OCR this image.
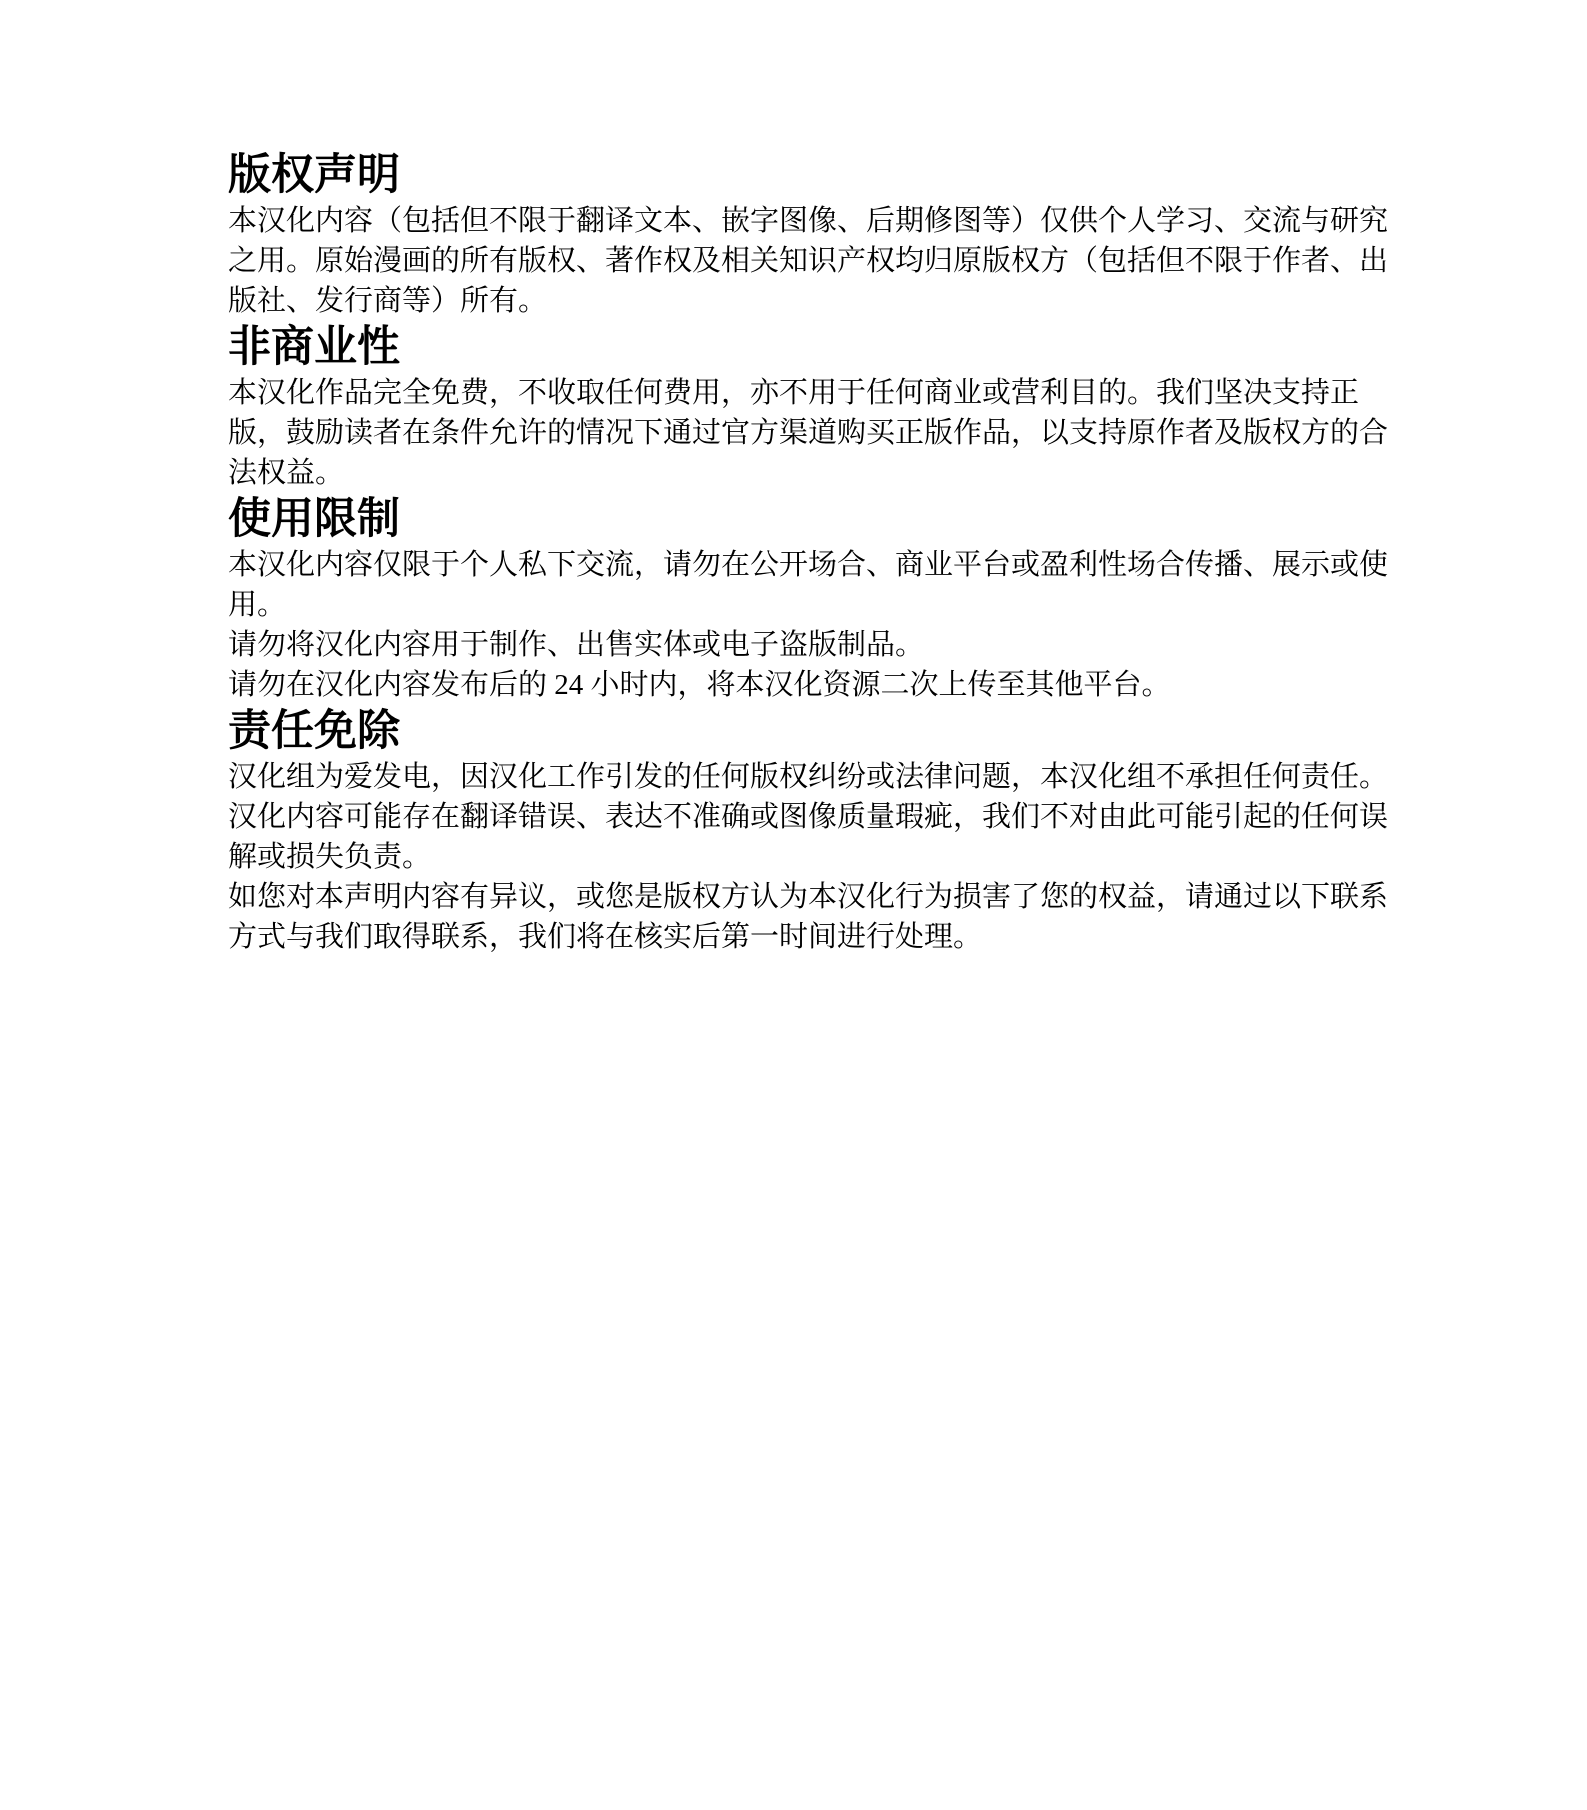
版权声明

本汉化内容（包括但不限于翻译文本、嵌字图像、后期修图等）仅供个人学习、交流与研究之用。原始漫画的所有版权、著作权及相关知识产权均归原版权方（包括但不限于作者、出版社、发行商等）所有。

非商业性

本汉化作品完全免费，不收取任何费用，亦不用于任何商业或营利目的。我们坚决支持正版，鼓励读者在条件允许的情况下通过官方渠道购买正版作品，以支持原作者及版权方的合法权益。

使用限制

本汉化内容仅限于个人私下交流，请勿在公开场合、商业平台或盈利性场合传播、展示或使用。

请勿将汉化内容用于制作、出售实体或电子盗版制品。

请勿在汉化内容发布后的 24 小时内，将本汉化资源二次上传至其他平台。

责任免除

汉化组为爱发电，因汉化工作引发的任何版权纠纷或法律问题，本汉化组不承担任何责任。

汉化内容可能存在翻译错误、表达不准确或图像质量瑕疵，我们不对由此可能引起的任何误解或损失负责。

如您对本声明内容有异议，或您是版权方认为本汉化行为损害了您的权益，请通过以下联系方式与我们取得联系，我们将在核实后第一时间进行处理。
